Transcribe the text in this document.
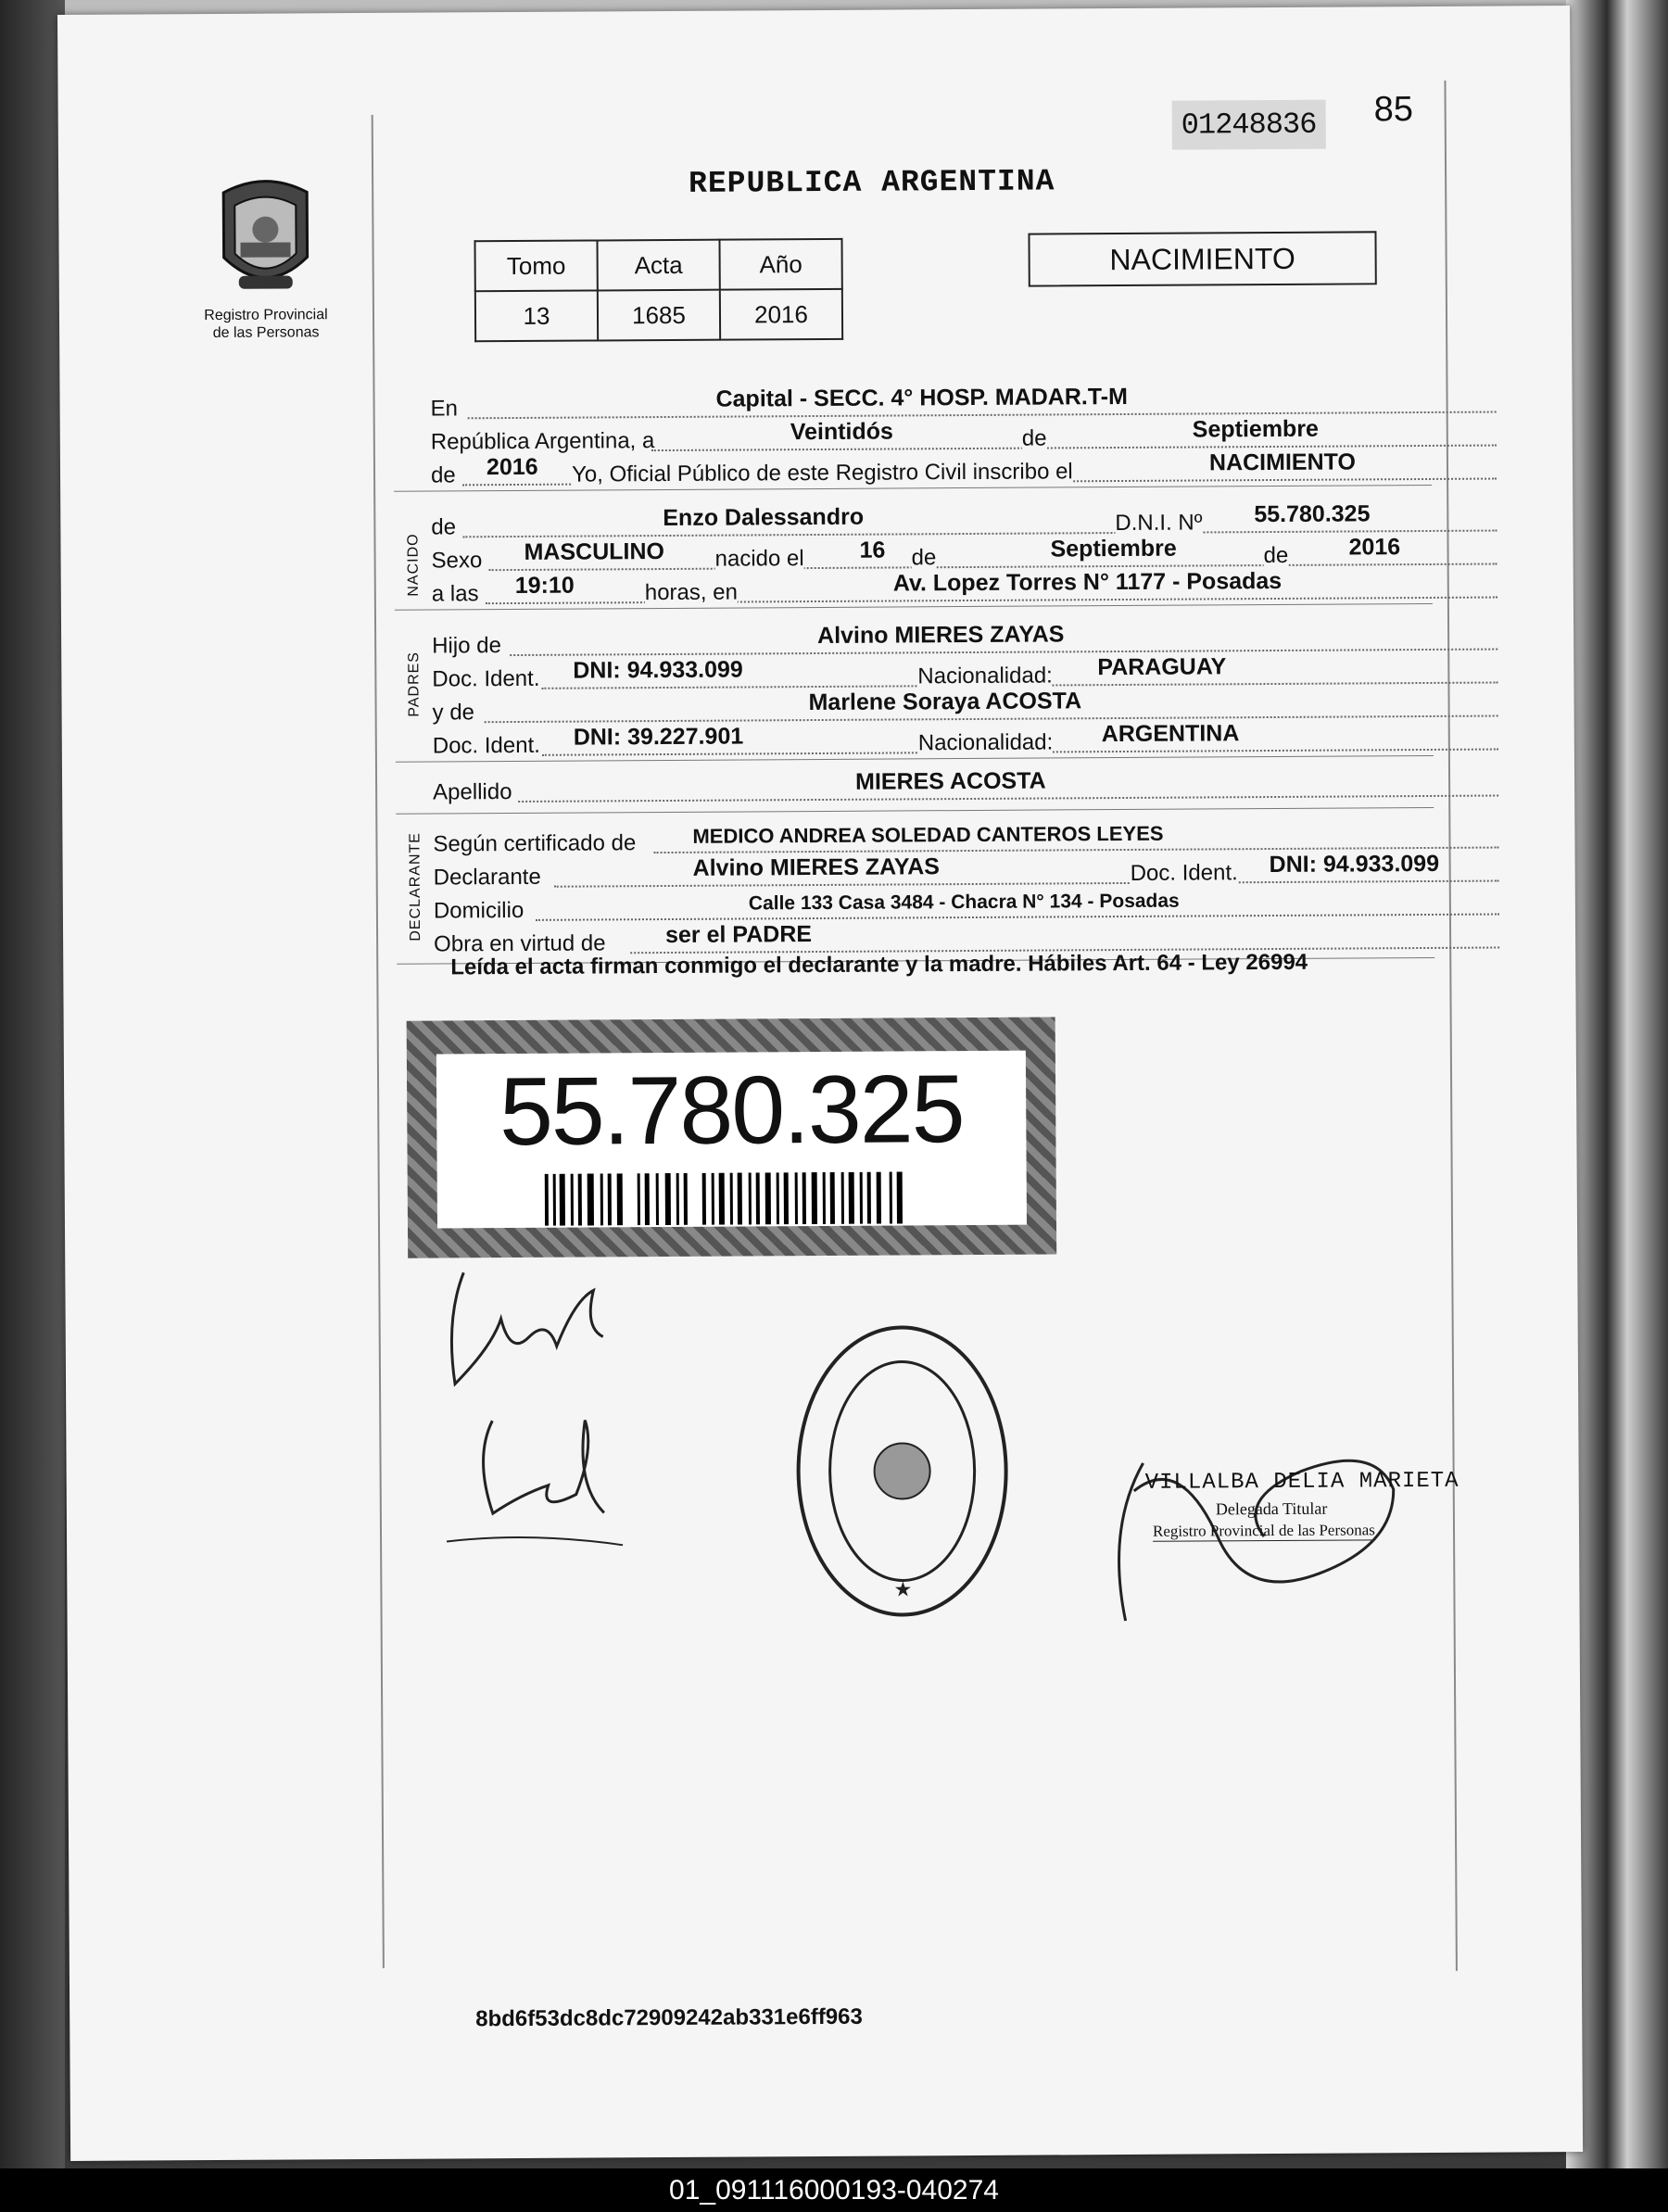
Registro Provincial
de las Personas
01248836 85
REPUBLICA ARGENTINA
Tomo	Acta	Año
13	1685	2016
NACIMIENTO
En	Capital - SECC. 4° HOSP. MADAR.T-M
República Argentina, a	Veintidós	de	Septiembre
de 2016 Yo, Oficial Público de este Registro Civil inscribo el	NACIMIENTO
NACIDO
de	Enzo Dalessandro	D.N.I. Nº 55.780.325
Sexo MASCULINO nacido el 16 de	Septiembre	de	2016
a las 19:10	horas, en	Av. Lopez Torres N° 1177 - Posadas
PADRES
Hijo de	Alvino MIERES ZAYAS
Doc. Ident. DNI: 94.933.099	Nacionalidad: PARAGUAY
y de	Marlene Soraya ACOSTA
Doc. Ident. DNI: 39.227.901	Nacionalidad: ARGENTINA
Apellido	MIERES ACOSTA
DECLARANTE Según certificado de	MEDICO ANDREA SOLEDAD CANTEROS LEYES
Declarante	Alvino MIERES ZAYAS	Doc. Ident. DNI: 94.933.099
Domicilio	Calle 133 Casa 3484 - Chacra N° 134 - Posadas
Obra en virtud de	ser el PADRE
Leída el acta firman conmigo el declarante y la madre. Hábiles Art. 64 - Ley 26994
55.780.325
★
VILLALBA DELIA MARIETA
Delegada Titular
Registro Provincial de las Personas
8bd6f53dc8dc72909242ab331e6ff963
01_091116000193-040274
